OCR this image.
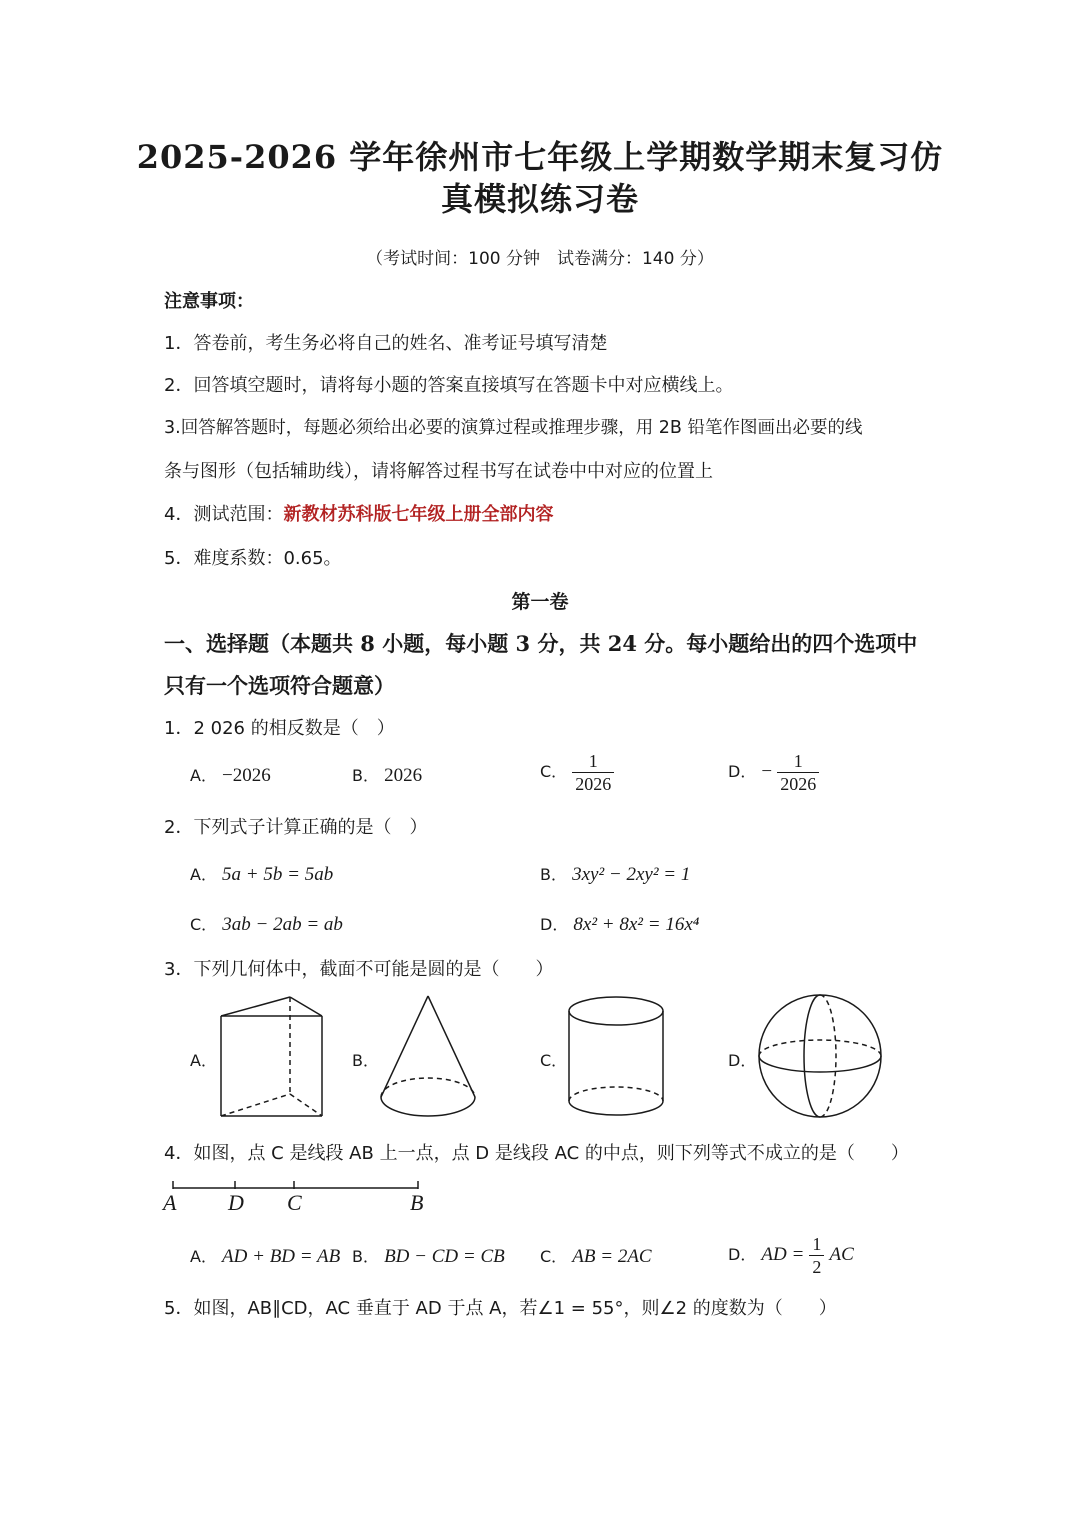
2025-2026 学年徐州市七年级上学期数学期末复习仿
真模拟练习卷
（考试时间：100 分钟　试卷满分：140 分）
注意事项：
1．答卷前，考生务必将自己的姓名、准考证号填写清楚
2．回答填空题时，请将每小题的答案直接填写在答题卡中对应横线上。
3.回答解答题时，每题必须给出必要的演算过程或推理步骤，用 2B 铅笔作图画出必要的线
条与图形（包括辅助线），请将解答过程书写在试卷中中对应的位置上
4．测试范围：新教材苏科版七年级上册全部内容
5．难度系数：0.65。
第一卷
一、选择题（本题共 8 小题，每小题 3 分，共 24 分。每小题给出的四个选项中
只有一个选项符合题意）
1．2 026 的相反数是（　）
A． −2026	B． 2026	C． $\frac{1}{2026}$	D． − $\frac{1}{2026}$
2．下列式子计算正确的是（　）
A． 5a + 5b = 5ab	B． 3xy² − 2xy² = 1
C． 3ab − 2ab = ab	D． 8x² + 8x² = 16x⁴
3．下列几何体中，截面不可能是圆的是（　　）
A．	B．	C．	D．
A D C	B
4．如图，点 C 是线段 AB 上一点，点 D 是线段 AC 的中点，则下列等式不成立的是（　　）
A． AD + BD = AB B． BD − CD = CB C． AB = 2AC	D． AD = $\frac{1}{2}$ AC
5．如图，AB∥CD，AC 垂直于 AD 于点 A，若∠1 = 55°，则∠2 的度数为（　　）
